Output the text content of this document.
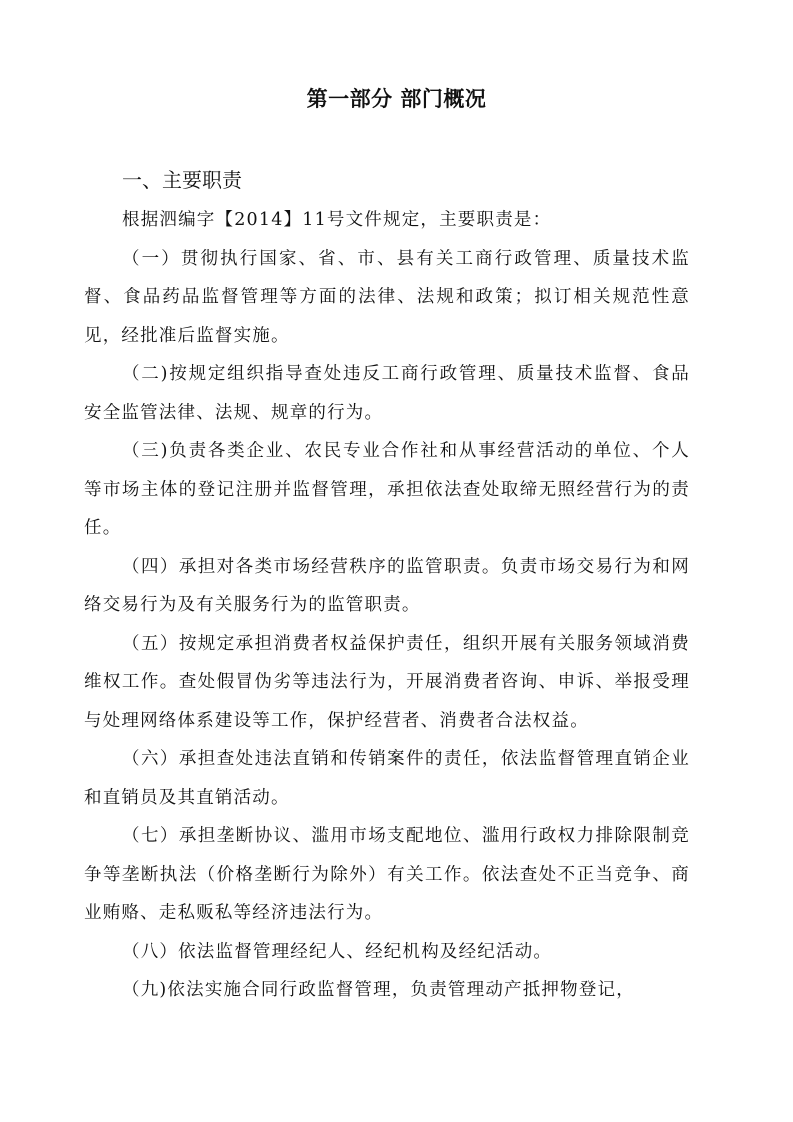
第一部分 部门概况
一、主要职责

根据泗编字【2014】11号文件规定，主要职责是：

（一）贯彻执行国家、省、市、县有关工商行政管理、质量技术监督、食品药品监督管理等方面的法律、法规和政策；拟订相关规范性意见，经批准后监督实施。

（二)按规定组织指导查处违反工商行政管理、质量技术监督、食品安全监管法律、法规、规章的行为。

（三)负责各类企业、农民专业合作社和从事经营活动的单位、个人等市场主体的登记注册并监督管理，承担依法查处取缔无照经营行为的责任。

（四）承担对各类市场经营秩序的监管职责。负责市场交易行为和网络交易行为及有关服务行为的监管职责。

（五）按规定承担消费者权益保护责任，组织开展有关服务领域消费维权工作。查处假冒伪劣等违法行为，开展消费者咨询、申诉、举报受理与处理网络体系建设等工作，保护经营者、消费者合法权益。

（六）承担查处违法直销和传销案件的责任，依法监督管理直销企业和直销员及其直销活动。

（七）承担垄断协议、滥用市场支配地位、滥用行政权力排除限制竞争等垄断执法（价格垄断行为除外）有关工作。依法查处不正当竞争、商业贿赂、走私贩私等经济违法行为。

（八）依法监督管理经纪人、经纪机构及经纪活动。

（九)依法实施合同行政监督管理，负责管理动产抵押物登记，
